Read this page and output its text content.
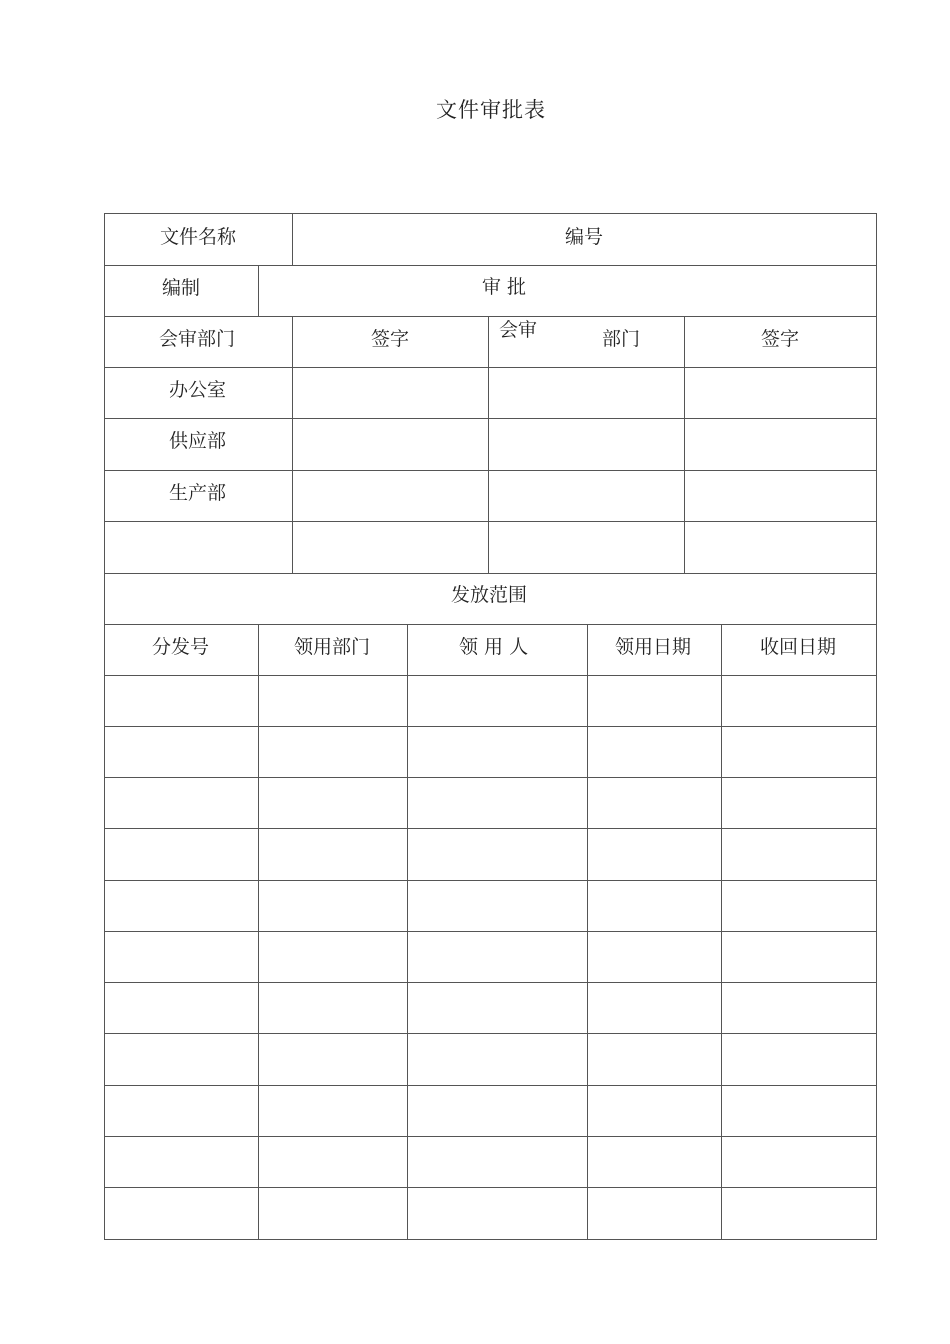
文件审批表
文件名称	编号
编制	审 批
会审部门	签字	会审	部门	签字
办公室
供应部
生产部
发放范围
分发号	领用部门	领 用 人	领用日期	收回日期
